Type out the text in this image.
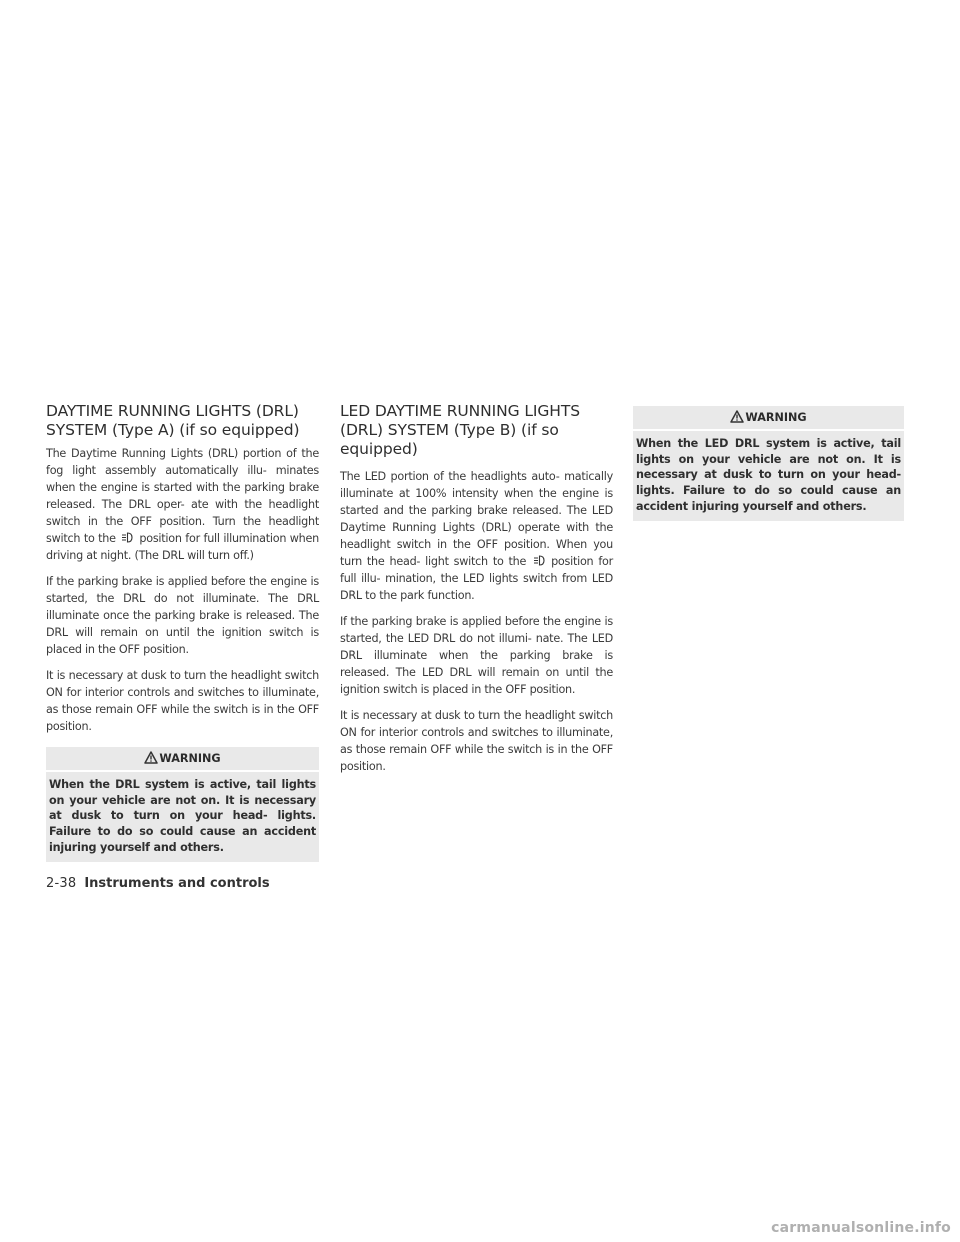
DAYTIME RUNNING LIGHTS (DRL)
SYSTEM (Type A) (if so equipped)

The Daytime Running Lights (DRL) portion of the fog light assembly automatically illu- minates when the engine is started with the parking brake released. The DRL oper- ate with the headlight switch in the OFF position. Turn the headlight switch to the position for full illumination when driving at night. (The DRL will turn off.)

If the parking brake is applied before the engine is started, the DRL do not illuminate. The DRL illuminate once the parking brake is released. The DRL will remain on until the ignition switch is placed in the OFF position.

It is necessary at dusk to turn the headlight switch ON for interior controls and switches to illuminate, as those remain OFF while the switch is in the OFF position.

WARNING
When the DRL system is active, tail lights on your vehicle are not on. It is necessary at dusk to turn on your head- lights. Failure to do so could cause an accident injuring yourself and others.
LED DAYTIME RUNNING LIGHTS
(DRL) SYSTEM (Type B) (if so
equipped)

The LED portion of the headlights auto- matically illuminate at 100% intensity when the engine is started and the parking brake released. The LED Daytime Running Lights (DRL) operate with the headlight switch in the OFF position. When you turn the head- light switch to the position for full illu- mination, the LED lights switch from LED DRL to the park function.

If the parking brake is applied before the engine is started, the LED DRL do not illumi- nate. The LED DRL illuminate when the parking brake is released. The LED DRL will remain on until the ignition switch is placed in the OFF position.

It is necessary at dusk to turn the headlight switch ON for interior controls and switches to illuminate, as those remain OFF while the switch is in the OFF position.

WARNING
When the LED DRL system is active, tail lights on your vehicle are not on. It is necessary at dusk to turn on your head- lights. Failure to do so could cause an accident injuring yourself and others.
2-38 Instruments and controls
carmanualsonline.info
